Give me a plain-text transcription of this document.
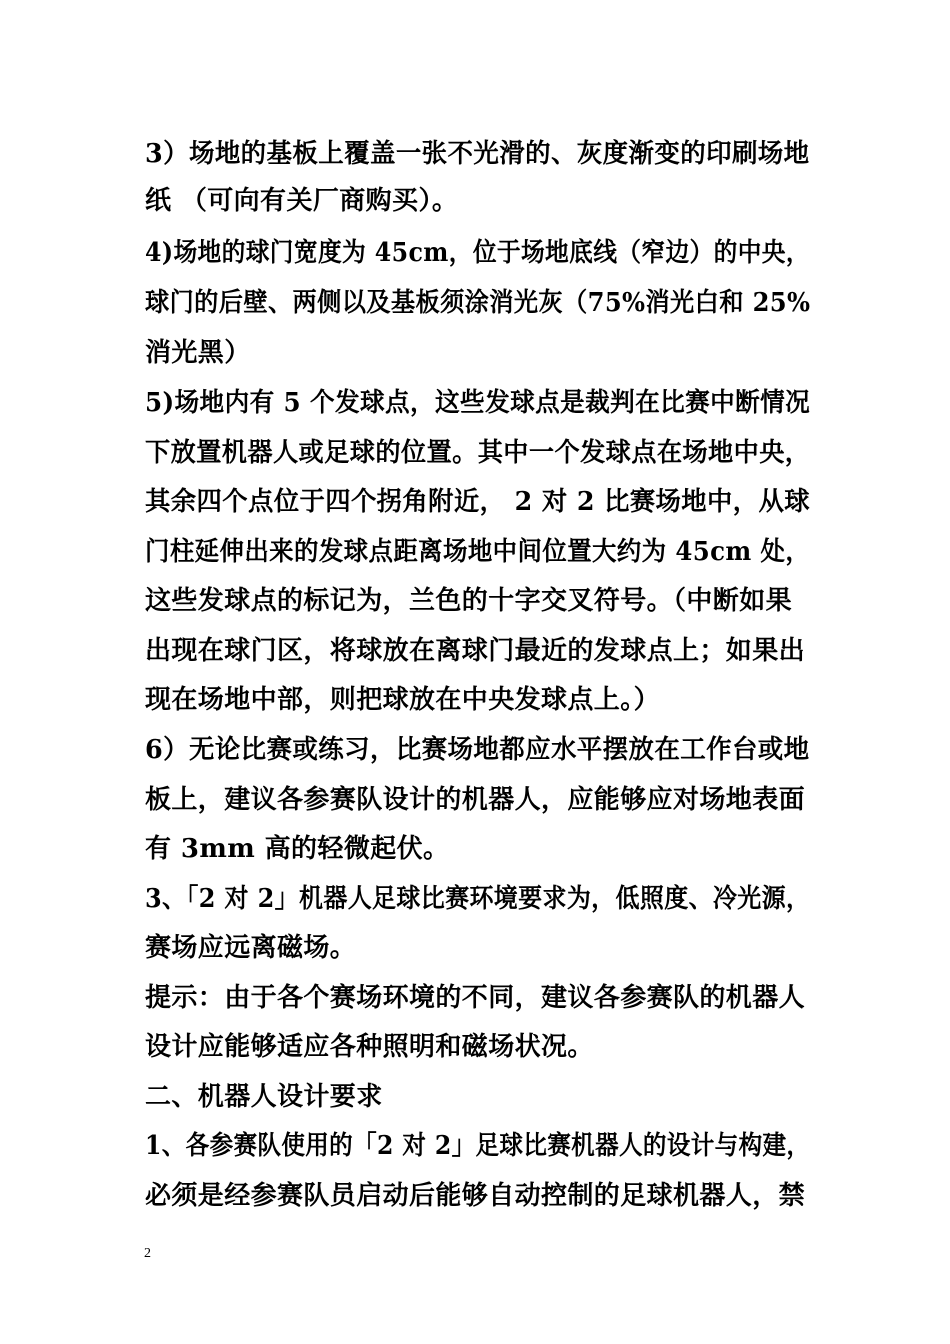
3）场地的基板上覆盖一张不光滑的、灰度渐变的印刷场地
纸 （可向有关厂商购买）。
4)场地的球门宽度为 45cm，位于场地底线（窄边）的中央，
球门的后壁、两侧以及基板须涂消光灰（75%消光白和 25%
消光黑）
5)场地内有 5 个发球点，这些发球点是裁判在比赛中断情况
下放置机器人或足球的位置。其中一个发球点在场地中央，
其余四个点位于四个拐角附近， 2 对 2 比赛场地中，从球
门柱延伸出来的发球点距离场地中间位置大约为 45cm 处，
这些发球点的标记为，兰色的十字交叉符号。（中断如果
出现在球门区，将球放在离球门最近的发球点上；如果出
现在场地中部，则把球放在中央发球点上。）
6）无论比赛或练习，比赛场地都应水平摆放在工作台或地
板上，建议各参赛队设计的机器人，应能够应对场地表面
有 3mm 高的轻微起伏。
3、「2 对 2」机器人足球比赛环境要求为，低照度、冷光源，
赛场应远离磁场。
提示：由于各个赛场环境的不同，建议各参赛队的机器人
设计应能够适应各种照明和磁场状况。
二、机器人设计要求
1、各参赛队使用的「2 对 2」足球比赛机器人的设计与构建，
必须是经参赛队员启动后能够自动控制的足球机器人，禁
2
